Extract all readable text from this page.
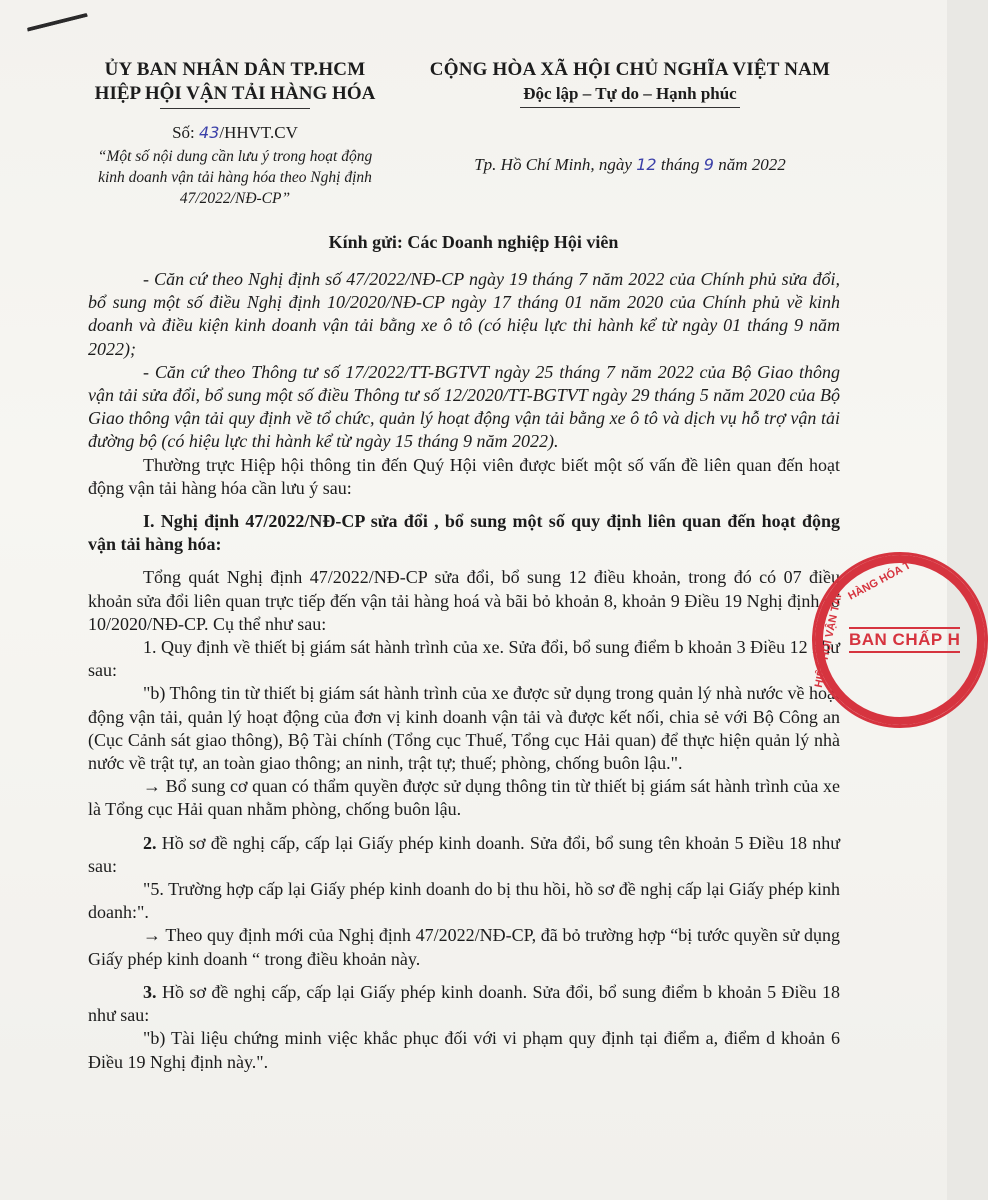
ỦY BAN NHÂN DÂN TP.HCM
HIỆP HỘI VẬN TẢI HÀNG HÓA
Số: 43/HHVT.CV
“Một số nội dung cần lưu ý trong hoạt động
kinh doanh vận tải hàng hóa theo Nghị định
47/2022/NĐ-CP”
CỘNG HÒA XÃ HỘI CHỦ NGHĨA VIỆT NAM
Độc lập – Tự do – Hạnh phúc
Tp. Hồ Chí Minh, ngày 12 tháng 9 năm 2022
Kính gửi: Các Doanh nghiệp Hội viên

- Căn cứ theo Nghị định số 47/2022/NĐ-CP ngày 19 tháng 7 năm 2022 của Chính phủ sửa đổi, bổ sung một số điều Nghị định 10/2020/NĐ-CP ngày 17 tháng 01 năm 2020 của Chính phủ về kinh doanh và điều kiện kinh doanh vận tải bằng xe ô tô (có hiệu lực thi hành kể từ ngày 01 tháng 9 năm 2022);

- Căn cứ theo Thông tư số 17/2022/TT-BGTVT ngày 25 tháng 7 năm 2022 của Bộ Giao thông vận tải sửa đổi, bổ sung một số điều Thông tư số 12/2020/TT-BGTVT ngày 29 tháng 5 năm 2020 của Bộ Giao thông vận tải quy định về tổ chức, quản lý hoạt động vận tải bằng xe ô tô và dịch vụ hỗ trợ vận tải đường bộ (có hiệu lực thi hành kể từ ngày 15 tháng 9 năm 2022).

Thường trực Hiệp hội thông tin đến Quý Hội viên được biết một số vấn đề liên quan đến hoạt động vận tải hàng hóa cần lưu ý sau:

I. Nghị định 47/2022/NĐ-CP sửa đổi , bổ sung một số quy định liên quan đến hoạt động vận tải hàng hóa:

Tổng quát Nghị định 47/2022/NĐ-CP sửa đổi, bổ sung 12 điều khoản, trong đó có 07 điều khoản sửa đổi liên quan trực tiếp đến vận tải hàng hoá và bãi bỏ khoản 8, khoản 9 Điều 19 Nghị định số 10/2020/NĐ-CP. Cụ thể như sau:

1. Quy định về thiết bị giám sát hành trình của xe. Sửa đổi, bổ sung điểm b khoản 3 Điều 12 như sau:

"b) Thông tin từ thiết bị giám sát hành trình của xe được sử dụng trong quản lý nhà nước về hoạt động vận tải, quản lý hoạt động của đơn vị kinh doanh vận tải và được kết nối, chia sẻ với Bộ Công an (Cục Cảnh sát giao thông), Bộ Tài chính (Tổng cục Thuế, Tổng cục Hải quan) để thực hiện quản lý nhà nước về trật tự, an toàn giao thông; an ninh, trật tự; thuế; phòng, chống buôn lậu.".

→ Bổ sung cơ quan có thẩm quyền được sử dụng thông tin từ thiết bị giám sát hành trình của xe là Tổng cục Hải quan nhằm phòng, chống buôn lậu.

2. Hồ sơ đề nghị cấp, cấp lại Giấy phép kinh doanh. Sửa đổi, bổ sung tên khoản 5 Điều 18 như sau:

"5. Trường hợp cấp lại Giấy phép kinh doanh do bị thu hồi, hồ sơ đề nghị cấp lại Giấy phép kinh doanh:".

→ Theo quy định mới của Nghị định 47/2022/NĐ-CP, đã bỏ trường hợp “bị tước quyền sử dụng Giấy phép kinh doanh “ trong điều khoản này.

3. Hồ sơ đề nghị cấp, cấp lại Giấy phép kinh doanh. Sửa đổi, bổ sung điểm b khoản 5 Điều 18 như sau:

"b) Tài liệu chứng minh việc khắc phục đối với vi phạm quy định tại điểm a, điểm d khoản 6 Điều 19 Nghị định này.".

HÀNG HÓA T
HIỆP HỘI VẬN TẢI BAN CHẤP H
